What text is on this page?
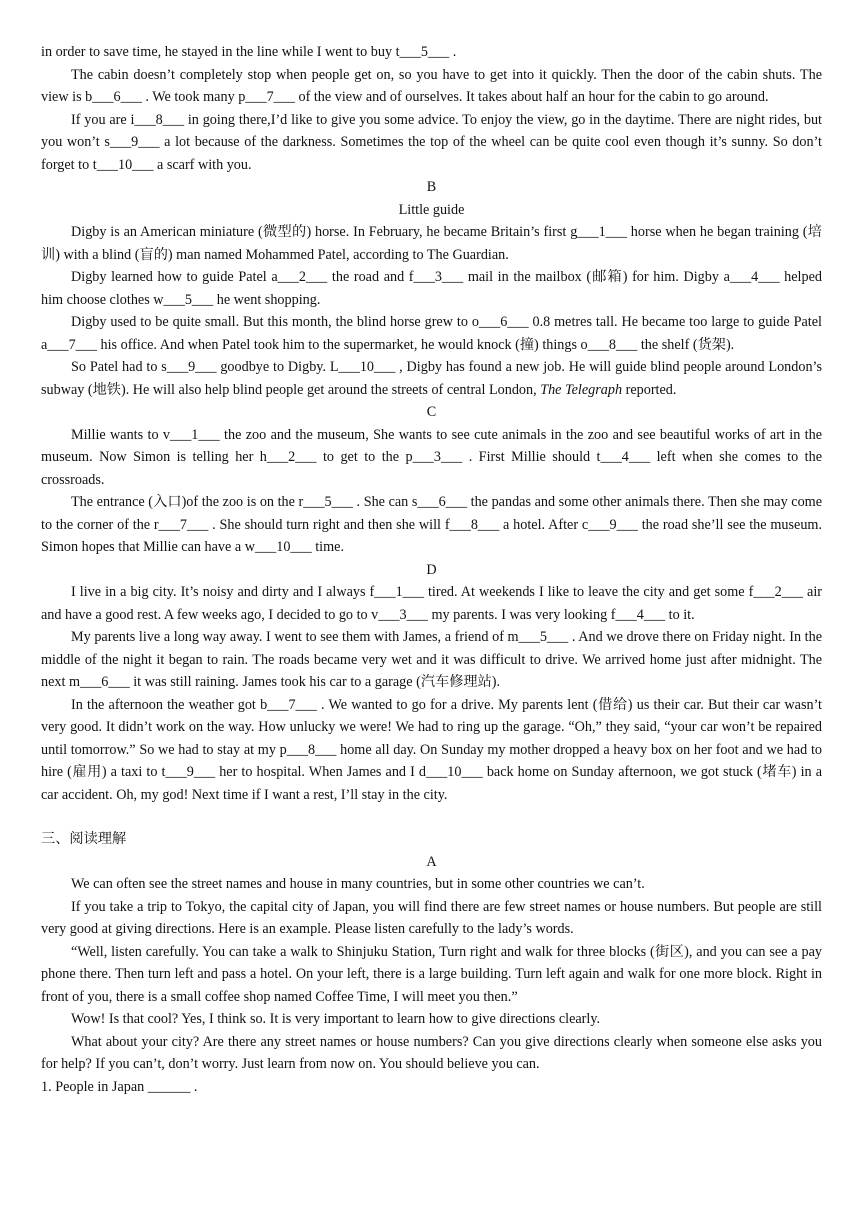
in order to save time, he stayed in the line while I went to buy t___5___ .

The cabin doesn’t completely stop when people get on, so you have to get into it quickly. Then the door of the cabin shuts. The view is b___6___ . We took many p___7___ of the view and of ourselves. It takes about half an hour for the cabin to go around.

If you are i___8___ in going there,I’d like to give you some advice. To enjoy the view, go in the daytime. There are night rides, but you won’t s___9___ a lot because of the darkness. Sometimes the top of the wheel can be quite cool even though it’s sunny. So don’t forget to t___10___ a scarf with you.

B

Little guide

Digby is an American miniature (微型的) horse. In February, he became Britain’s first g___1___ horse when he began training (培训) with a blind (盲的) man named Mohammed Patel, according to The Guardian.

Digby learned how to guide Patel a___2___ the road and f___3___ mail in the mailbox (邮箱) for him. Digby a___4___ helped him choose clothes w___5___ he went shopping.

Digby used to be quite small. But this month, the blind horse grew to o___6___ 0.8 metres tall. He became too large to guide Patel a___7___ his office. And when Patel took him to the supermarket, he would knock (撞) things o___8___ the shelf (货架).

So Patel had to s___9___ goodbye to Digby. L___10___ , Digby has found a new job. He will guide blind people around London’s subway (地铁). He will also help blind people get around the streets of central London, The Telegraph reported.

C

Millie wants to v___1___ the zoo and the museum, She wants to see cute animals in the zoo and see beautiful works of art in the museum. Now Simon is telling her h___2___ to get to the p___3___ . First Millie should t___4___ left when she comes to the crossroads.

The entrance (入口)of the zoo is on the r___5___ . She can s___6___ the pandas and some other animals there. Then she may come to the corner of the r___7___ . She should turn right and then she will f___8___ a hotel. After c___9___ the road she’ll see the museum. Simon hopes that Millie can have a w___10___ time.

D

I live in a big city. It’s noisy and dirty and I always f___1___ tired. At weekends I like to leave the city and get some f___2___ air and have a good rest. A few weeks ago, I decided to go to v___3___ my parents. I was very looking f___4___ to it.

My parents live a long way away. I went to see them with James, a friend of m___5___ . And we drove there on Friday night. In the middle of the night it began to rain. The roads became very wet and it was difficult to drive. We arrived home just after midnight. The next m___6___ it was still raining. James took his car to a garage (汽车修理站).

In the afternoon the weather got b___7___ . We wanted to go for a drive. My parents lent (借给) us their car. But their car wasn’t very good. It didn’t work on the way. How unlucky we were! We had to ring up the garage. “Oh,” they said, “your car won’t be repaired until tomorrow.” So we had to stay at my p___8___ home all day. On Sunday my mother dropped a heavy box on her foot and we had to hire (雇用) a taxi to t___9___ her to hospital. When James and I d___10___ back home on Sunday afternoon, we got stuck (堵车) in a car accident. Oh, my god! Next time if I want a rest, I’ll stay in the city.

三、阅读理解

A

We can often see the street names and house in many countries, but in some other countries we can’t.

If you take a trip to Tokyo, the capital city of Japan, you will find there are few street names or house numbers. But people are still very good at giving directions. Here is an example. Please listen carefully to the lady’s words.

“Well, listen carefully. You can take a walk to Shinjuku Station, Turn right and walk for three blocks (街区), and you can see a pay phone there. Then turn left and pass a hotel. On your left, there is a large building. Turn left again and walk for one more block. Right in front of you, there is a small coffee shop named Coffee Time, I will meet you then.”

Wow! Is that cool? Yes, I think so. It is very important to learn how to give directions clearly.

What about your city? Are there any street names or house numbers? Can you give directions clearly when someone else asks you for help? If you can’t, don’t worry. Just learn from now on. You should believe you can.

1. People in Japan ______ .
